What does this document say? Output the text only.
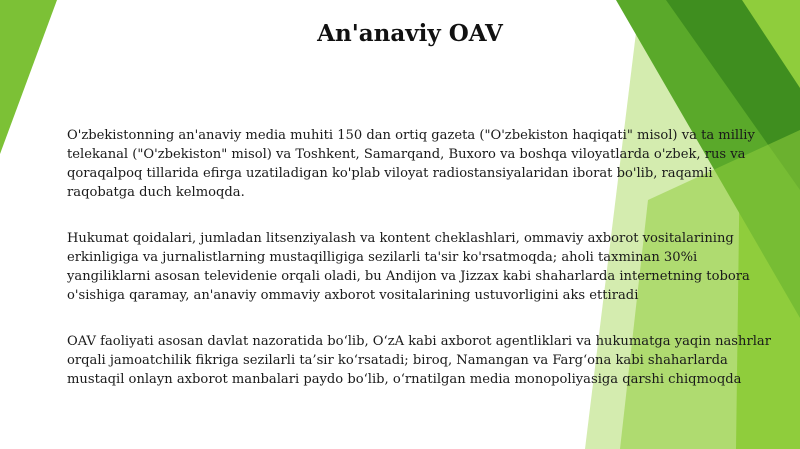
An'anaviy OAV

O'zbekistonning an'anaviy media muhiti 150 dan ortiq gazeta ("O'zbekiston haqiqati" misol) va ta milliy telekanal ("O'zbekiston" misol) va Toshkent, Samarqand, Buxoro va boshqa viloyatlarda o'zbek, rus va qoraqalpoq tillarida efirga uzatiladigan ko'plab viloyat radiostansiyalaridan iborat bo'lib, raqamli raqobatga duch kelmoqda.

Hukumat qoidalari, jumladan litsenziyalash va kontent cheklashlari, ommaviy axborot vositalarining erkinligiga va jurnalistlarning mustaqilligiga sezilarli ta'sir ko'rsatmoqda; aholi taxminan 30%i yangiliklarni asosan televidenie orqali oladi, bu Andijon va Jizzax kabi shaharlarda internetning tobora o'sishiga qaramay, an'anaviy ommaviy axborot vositalarining ustuvorligini aks ettiradi

OAV faoliyati asosan davlat nazoratida bo‘lib, O‘zA kabi axborot agentliklari va hukumatga yaqin nashrlar orqali jamoatchilik fikriga sezilarli ta’sir ko‘rsatadi; biroq, Namangan va Farg‘ona kabi shaharlarda mustaqil onlayn axborot manbalari paydo bo‘lib, o‘rnatilgan media monopoliyasiga qarshi chiqmoqda
